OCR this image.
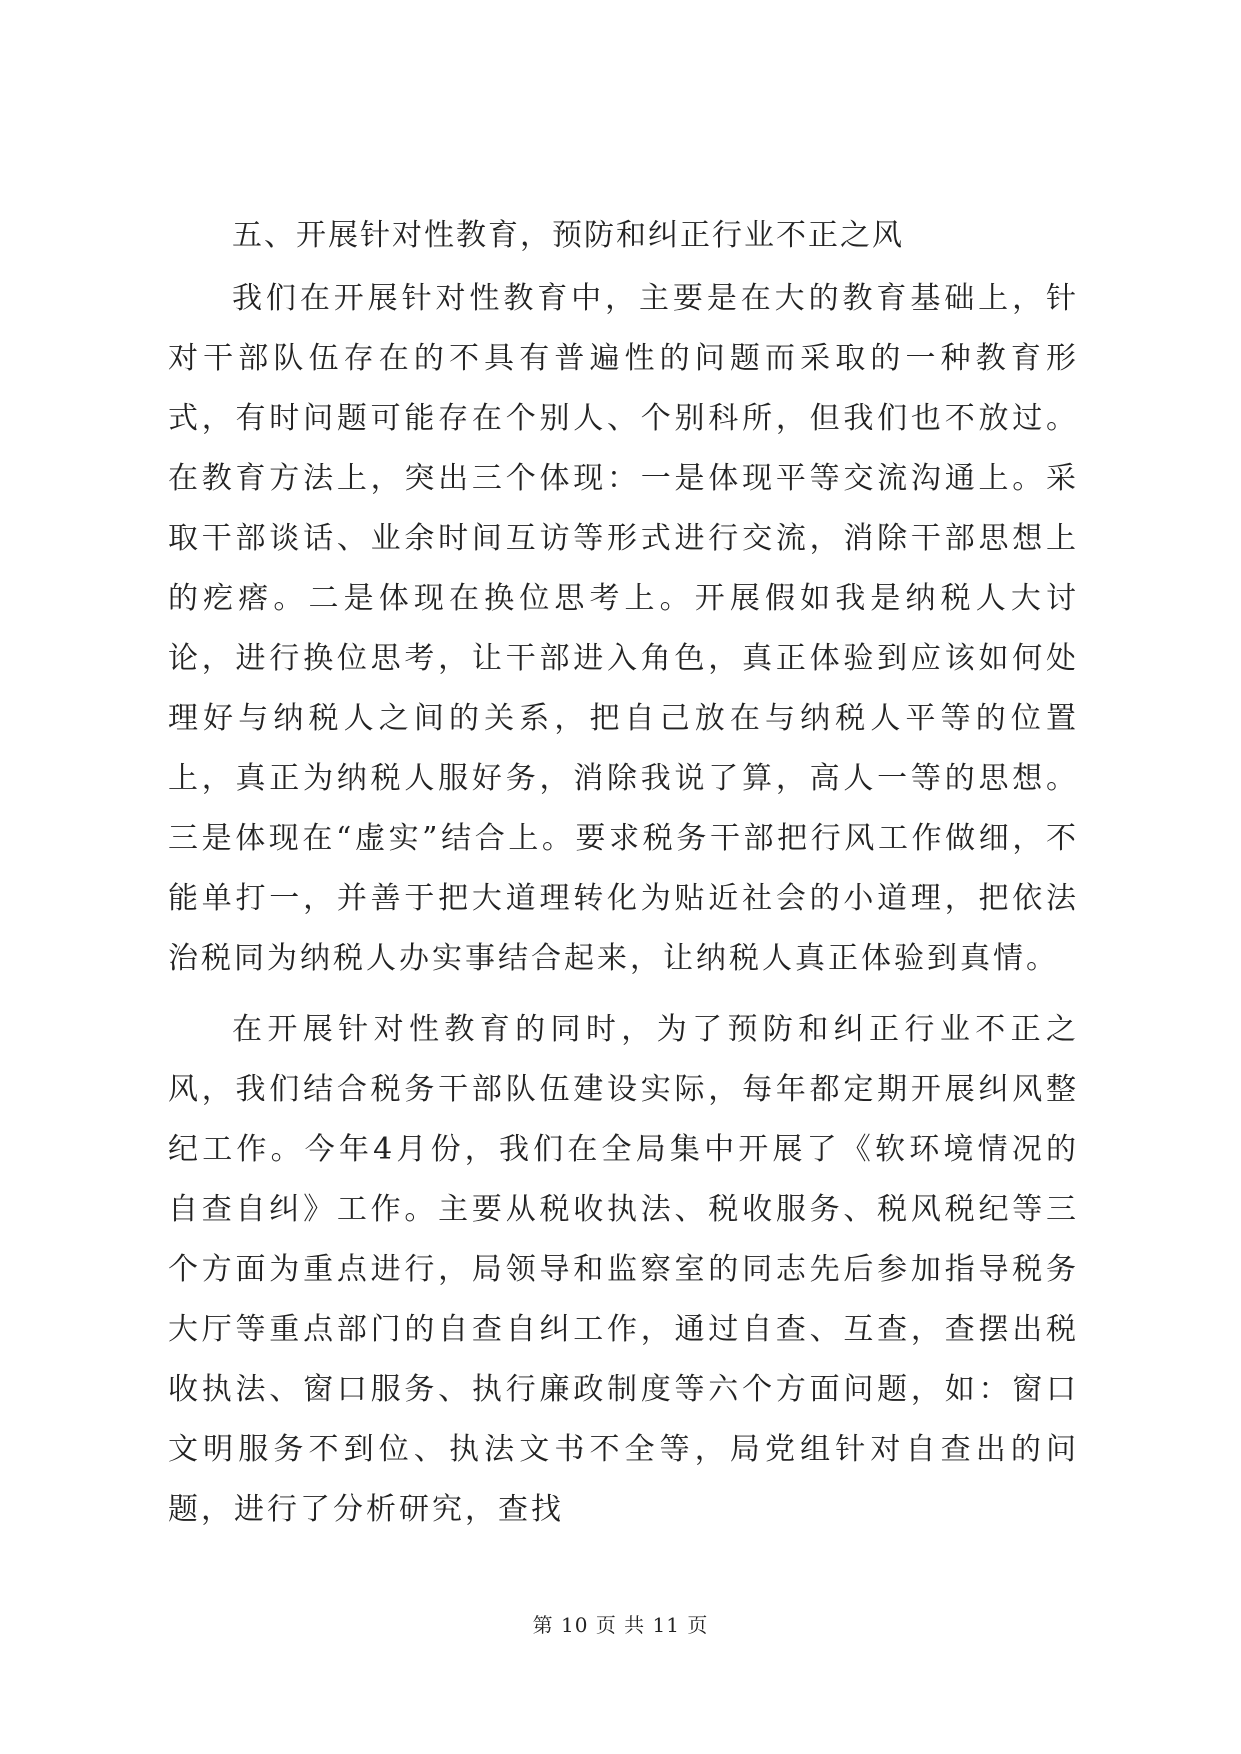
五、开展针对性教育，预防和纠正行业不正之风

我们在开展针对性教育中，主要是在大的教育基础上，针对干部队伍存在的不具有普遍性的问题而采取的一种教育形式，有时问题可能存在个别人、个别科所，但我们也不放过。在教育方法上，突出三个体现：一是体现平等交流沟通上。采取干部谈话、业余时间互访等形式进行交流，消除干部思想上的疙瘩。二是体现在换位思考上。开展假如我是纳税人大讨论，进行换位思考，让干部进入角色，真正体验到应该如何处理好与纳税人之间的关系，把自己放在与纳税人平等的位置上，真正为纳税人服好务，消除我说了算，高人一等的思想。三是体现在“虚实”结合上。要求税务干部把行风工作做细，不能单打一，并善于把大道理转化为贴近社会的小道理，把依法治税同为纳税人办实事结合起来，让纳税人真正体验到真情。

在开展针对性教育的同时，为了预防和纠正行业不正之风，我们结合税务干部队伍建设实际，每年都定期开展纠风整纪工作。今年4月份，我们在全局集中开展了《软环境情况的自查自纠》工作。主要从税收执法、税收服务、税风税纪等三个方面为重点进行，局领导和监察室的同志先后参加指导税务大厅等重点部门的自查自纠工作，通过自查、互查，查摆出税收执法、窗口服务、执行廉政制度等六个方面问题，如：窗口文明服务不到位、执法文书不全等，局党组针对自查出的问题，进行了分析研究，查找

第 10 页 共 11 页
